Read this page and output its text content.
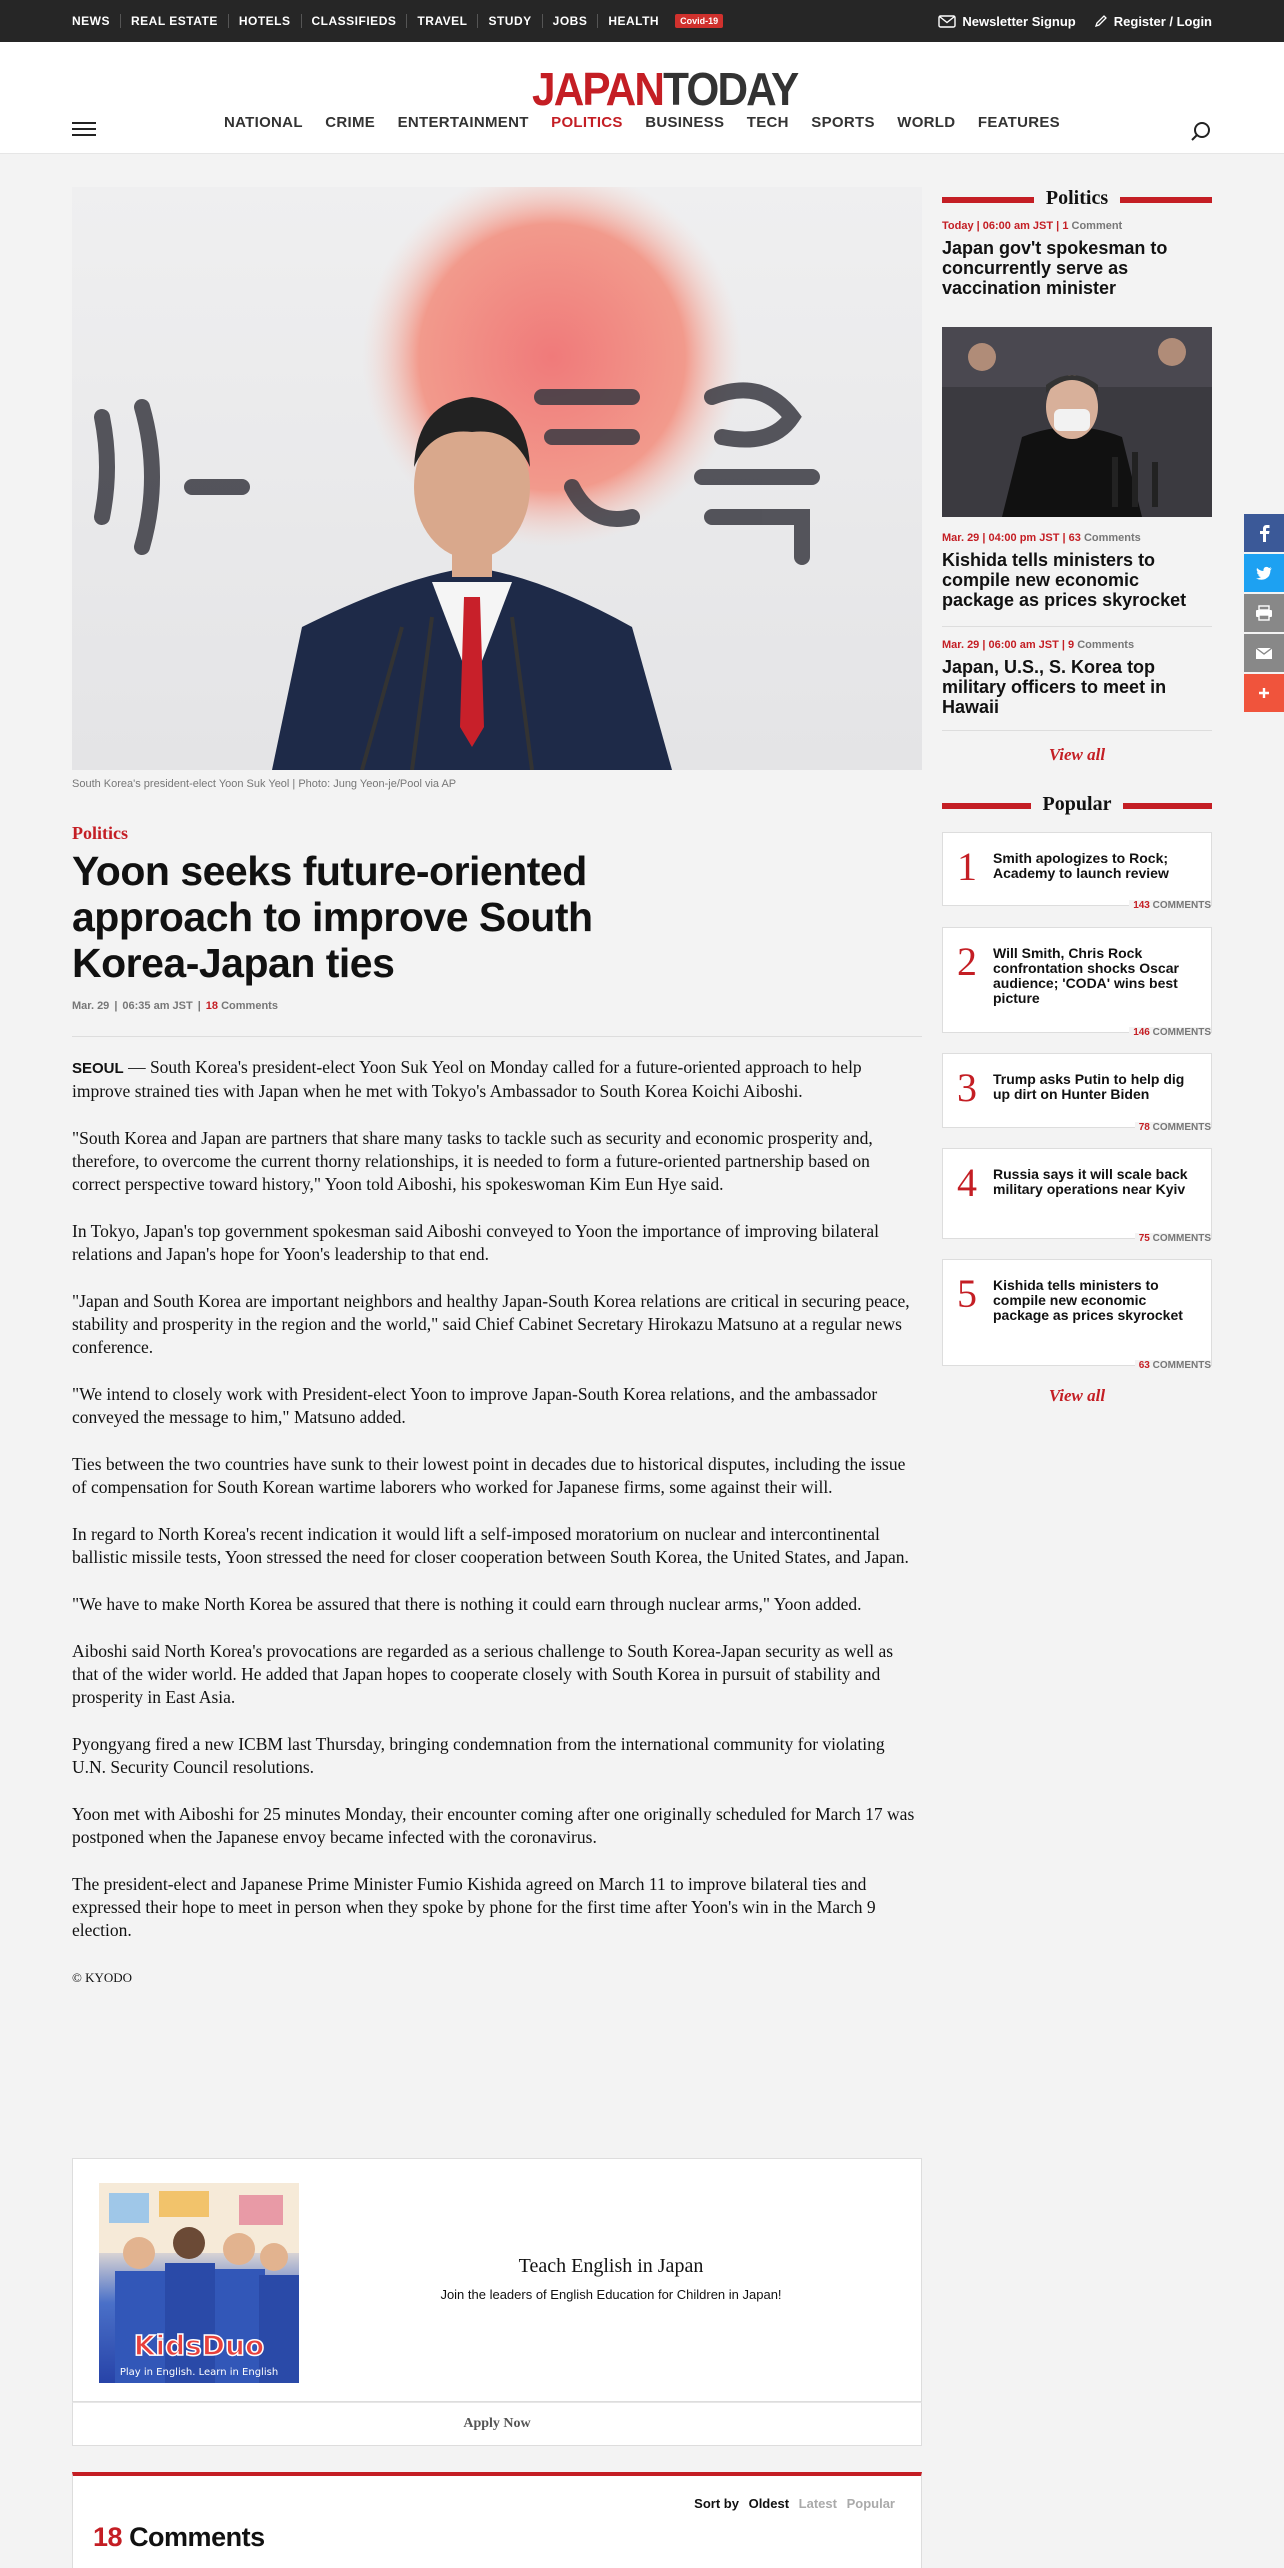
NEWS	REAL ESTATE	HOTELS	CLASSIFIEDS	TRAVEL	STUDY	JOBS	HEALTH	Covid-19	Newsletter Signup	Register / Login
JAPANTODAY
NATIONAL CRIME ENTERTAINMENT POLITICS BUSINESS TECH SPORTS WORLD FEATURES
South Korea's president-elect Yoon Suk Yeol | Photo: Jung Yeon-je/Pool via AP
Politics
Yoon seeks future-oriented approach to improve South Korea-Japan ties
Mar. 29 | 06:35 am JST | 18 Comments

SEOUL — South Korea's president-elect Yoon Suk Yeol on Monday called for a future-oriented approach to help improve strained ties with Japan when he met with Tokyo's Ambassador to South Korea Koichi Aiboshi.

"South Korea and Japan are partners that share many tasks to tackle such as security and economic prosperity and, therefore, to overcome the current thorny relationships, it is needed to form a future-oriented partnership based on correct perspective toward history," Yoon told Aiboshi, his spokeswoman Kim Eun Hye said.

In Tokyo, Japan's top government spokesman said Aiboshi conveyed to Yoon the importance of improving bilateral relations and Japan's hope for Yoon's leadership to that end.

"Japan and South Korea are important neighbors and healthy Japan-South Korea relations are critical in securing peace, stability and prosperity in the region and the world," said Chief Cabinet Secretary Hirokazu Matsuno at a regular news conference.

"We intend to closely work with President-elect Yoon to improve Japan-South Korea relations, and the ambassador conveyed the message to him," Matsuno added.

Ties between the two countries have sunk to their lowest point in decades due to historical disputes, including the issue of compensation for South Korean wartime laborers who worked for Japanese firms, some against their will.

In regard to North Korea's recent indication it would lift a self-imposed moratorium on nuclear and intercontinental ballistic missile tests, Yoon stressed the need for closer cooperation between South Korea, the United States, and Japan.

"We have to make North Korea be assured that there is nothing it could earn through nuclear arms," Yoon added.

Aiboshi said North Korea's provocations are regarded as a serious challenge to South Korea-Japan security as well as that of the wider world. He added that Japan hopes to cooperate closely with South Korea in pursuit of stability and prosperity in East Asia.

Pyongyang fired a new ICBM last Thursday, bringing condemnation from the international community for violating U.N. Security Council resolutions.

Yoon met with Aiboshi for 25 minutes Monday, their encounter coming after one originally scheduled for March 17 was postponed when the Japanese envoy became infected with the coronavirus.

The president-elect and Japanese Prime Minister Fumio Kishida agreed on March 11 to improve bilateral ties and expressed their hope to meet in person when they spoke by phone for the first time after Yoon's win in the March 9 election.

© KYODO

KidsDuo
Play in English. Learn in English
Teach English in Japan
Join the leaders of English Education for Children in Japan!
Apply Now
Sort by Oldest Latest Popular
18 Comments
Politics
Today | 06:00 am JST | 1 Comment
Japan gov't spokesman to concurrently serve as vaccination minister
Mar. 29 | 04:00 pm JST | 63 Comments
Kishida tells ministers to compile new economic package as prices skyrocket
Mar. 29 | 06:00 am JST | 9 Comments
Japan, U.S., S. Korea top military officers to meet in Hawaii
View all
Popular
1 Smith apologizes to Rock; Academy to launch review
143 COMMENTS
2 Will Smith, Chris Rock confrontation shocks Oscar audience; 'CODA' wins best picture
146 COMMENTS
3 Trump asks Putin to help dig up dirt on Hunter Biden
78 COMMENTS
4 Russia says it will scale back military operations near Kyiv
75 COMMENTS
5 Kishida tells ministers to compile new economic package as prices skyrocket
63 COMMENTS
View all
